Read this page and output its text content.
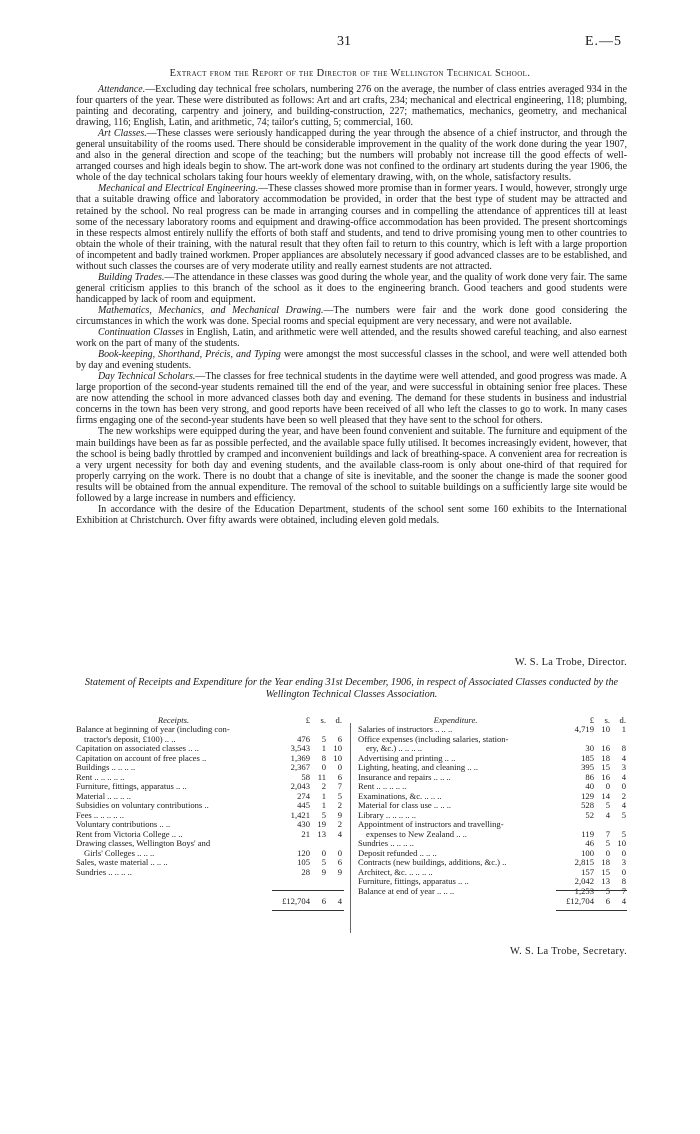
31	E.—5
Extract from the Report of the Director of the Wellington Technical School.

Attendance.—Excluding day technical free scholars, numbering 276 on the average, the number of class entries averaged 934 in the four quarters of the year. These were distributed as follows: Art and art crafts, 234; mechanical and electrical engineering, 118; plumbing, painting and decorating, carpentry and joinery, and building-construction, 227; mathematics, mechanics, geometry, and mechanical drawing, 116; English, Latin, and arithmetic, 74; tailor's cutting, 5; commercial, 160.

Art Classes.—These classes were seriously handicapped during the year through the absence of a chief instructor, and through the general unsuitability of the rooms used. There should be considerable improvement in the quality of the work done during the year 1907, and also in the general direction and scope of the teaching; but the numbers will probably not increase till the good effects of well-arranged courses and high ideals begin to show. The art-work done was not confined to the ordinary art students during the year 1906, the whole of the day technical scholars taking four hours weekly of elementary drawing, with, on the whole, satisfactory results.

Mechanical and Electrical Engineering.—These classes showed more promise than in former years. I would, however, strongly urge that a suitable drawing office and laboratory accommodation be provided, in order that the best type of student may be attracted and retained by the school. No real progress can be made in arranging courses and in compelling the attendance of apprentices till at least some of the necessary laboratory rooms and equipment and drawing-office accommodation has been provided. The present shortcomings in these respects almost entirely nullify the efforts of both staff and students, and tend to drive promising young men to other countries to obtain the whole of their training, with the natural result that they often fail to return to this country, which is left with a large proportion of incompetent and badly trained workmen. Proper appliances are absolutely necessary if good advanced classes are to be established, and without such classes the courses are of very moderate utility and really earnest students are not attracted.

Building Trades.—The attendance in these classes was good during the whole year, and the quality of work done very fair. The same general criticism applies to this branch of the school as it does to the engineering branch. Good teachers and good students were handicapped by lack of room and equipment.

Mathematics, Mechanics, and Mechanical Drawing.—The numbers were fair and the work done good considering the circumstances in which the work was done. Special rooms and special equipment are very necessary, and were not available.

Continuation Classes in English, Latin, and arithmetic were well attended, and the results showed careful teaching, and also earnest work on the part of many of the students.

Book-keeping, Shorthand, Précis, and Typing were amongst the most successful classes in the school, and were well attended both by day and evening students.

Day Technical Scholars.—The classes for free technical students in the daytime were well attended, and good progress was made. A large proportion of the second-year students remained till the end of the year, and were successful in obtaining senior free places. These are now attending the school in more advanced classes both day and evening. The demand for these students in business and industrial concerns in the town has been very strong, and good reports have been received of all who left the classes to go to work. In many cases firms engaging one of the second-year students have been so well pleased that they have sent to the school for others.

The new workships were equipped during the year, and have been found convenient and suitable. The furniture and equipment of the main buildings have been as far as possible perfected, and the available space fully utilised. It becomes increasingly evident, however, that the school is being badly throttled by cramped and inconvenient buildings and lack of breathing-space. A convenient area for recreation is a very urgent necessity for both day and evening students, and the available class-room is only about one-third of that required for properly carrying on the work. There is no doubt that a change of site is inevitable, and the sooner the change is made the sooner good results will be obtained from the annual expenditure. The removal of the school to suitable buildings on a sufficiently large site would be followed by a large increase in numbers and efficiency.

In accordance with the desire of the Education Department, students of the school sent some 160 exhibits to the International Exhibition at Christchurch. Over fifty awards were obtained, including eleven gold medals.

W. S. La Trobe, Director.
Statement of Receipts and Expenditure for the Year ending 31st December, 1906, in respect of Associated Classes conducted by the Wellington Technical Classes Association.
Receipts.	£	s.	d.
Balance at beginning of year (including con-
tractor's deposit, £100) .. ..	476	5	6
Capitation on associated classes .. ..	3,543	1 10
Capitation on account of free places ..	1,369	8 10
Buildings .. .. .. ..	2,367	0	0
Rent .. .. .. .. ..	58 11	6
Furniture, fittings, apparatus .. ..	2,043	2	7
Material .. .. .. ..	274	1	5
Subsidies on voluntary contributions ..	445	1	2
Fees .. .. .. .. ..	1,421	5	9
Voluntary contributions .. ..	430 19	2
Rent from Victoria College .. ..	21 13	4
Drawing classes, Wellington Boys' and
Girls' Colleges .. .. ..	120	0	0
Sales, waste material .. .. ..	105	5	6
Sundries .. .. .. ..	28	9	9
£12,704	6	4
Expenditure.	£	s.	d.
Salaries of instructors .. .. ..	4,719 10	1
Office expenses (including salaries, station-
ery, &c.) .. .. .. ..	30 16	8
Advertising and printing .. ..	185 18	4
Lighting, heating, and cleaning .. ..	395 15	3
Insurance and repairs .. .. ..	86 16	4
Rent .. .. .. .. ..	40	0	0
Examinations, &c. .. .. ..	129 14	2
Material for class use .. .. ..	528	5	4
Library .. .. .. .. ..	52	4	5
Appointment of instructors and travelling-
expenses to New Zealand .. ..	119	7	5
Sundries .. .. .. ..	46	5 10
Deposit refunded .. .. ..	100	0	0
Contracts (new buildings, additions, &c.) ..	2,815 18	3
Architect, &c. .. .. .. ..	157 15	0
Furniture, fittings, apparatus .. ..	2,042 13	8
Balance at end of year .. .. ..	1,253	5	7
£12,704	6	4
W. S. La Trobe, Secretary.
